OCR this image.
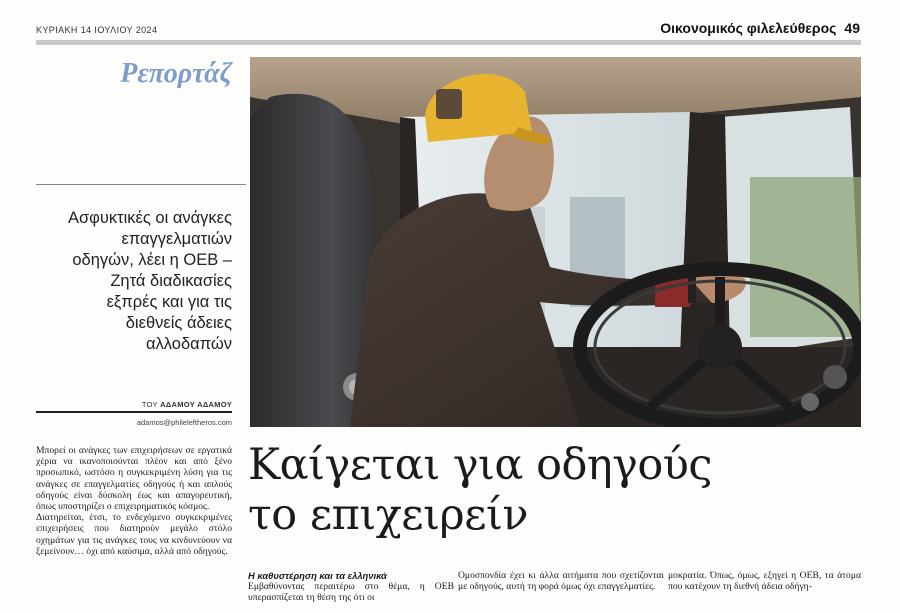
ΚΥΡΙΑΚΗ 14 ΙΟΥΛΙΟΥ 2024	Οικονομικός φιλελεύθερος 49
Ρεπορτάζ
Ασφυκτικές οι ανάγκες επαγγελματιών οδηγών, λέει η ΟΕΒ – Ζητά διαδικασίες εξπρές και για τις διεθνείς άδειες αλλοδαπών
ΤΟΥ ΑΔΑΜΟΥ ΑΔΑΜΟΥ
adamos@phileleftheros.com

Μπορεί οι ανάγκες των επιχειρήσεων σε εργατικά χέρια να ικανοποιούνται πλέον και από ξένο προσωπικό, ωστόσο η συγκεκριμένη λύση για τις ανάγκες σε επαγγελματίες οδηγούς ή και απλούς οδηγούς είναι δύσκολη έως και απαγορευτική, όπως υποστηρίζει ο επιχειρηματικός κόσμος.

Διατηρείται, έτσι, το ενδεχόμενο συγκεκριμένες επιχειρήσεις που διατηρούν μεγάλο στόλο οχημάτων για τις ανάγκες τους να κινδυνεύουν να ξεμείνουν… όχι από καύσιμα, αλλά από οδηγούς.

Καίγεται για οδηγούς
το επιχειρείν
Η καθυστέρηση και τα ελληνικά

Εμβαθύνοντας περαιτέρω στο θέμα, η ΟΕΒ υπερασπίζεται τη θέση της ότι οι

Ομοσπονδία έχει κι άλλα αιτήματα που σχετίζονται με οδηγούς, αυτή τη φορά όμως όχι επαγγελματίες.

μοκρατία. Όπως, όμως, εξηγεί η ΟΕΒ, τα άτομα που κατέχουν τη διεθνή άδεια οδήγη-
